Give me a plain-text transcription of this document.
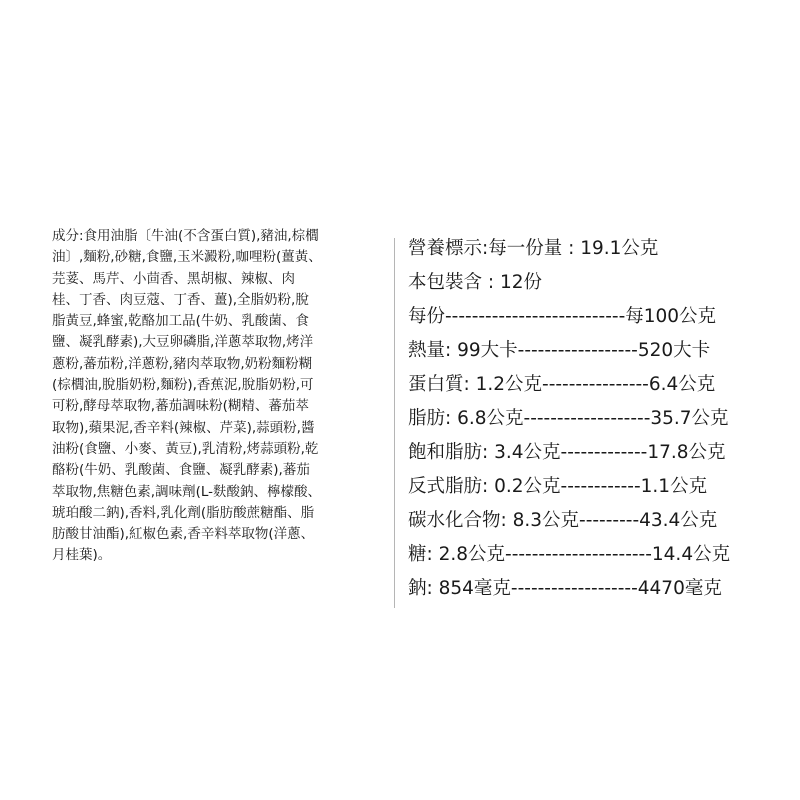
成分:食用油脂〔牛油(不含蛋白質),豬油,棕櫚
油〕,麵粉,砂糖,食鹽,玉米澱粉,咖哩粉(薑黃、
芫荽、馬芹、小茴香、黑胡椒、辣椒、肉
桂、丁香、肉豆蔻、丁香、薑),全脂奶粉,脫
脂黃豆,蜂蜜,乾酪加工品(牛奶、乳酸菌、食
鹽、凝乳酵素),大豆卵磷脂,洋蔥萃取物,烤洋
蔥粉,蕃茄粉,洋蔥粉,豬肉萃取物,奶粉麵粉糊
(棕櫚油,脫脂奶粉,麵粉),香蕉泥,脫脂奶粉,可
可粉,酵母萃取物,蕃茄調味粉(糊精、蕃茄萃
取物),蘋果泥,香辛料(辣椒、芹菜),蒜頭粉,醬
油粉(食鹽、小麥、黃豆),乳清粉,烤蒜頭粉,乾
酪粉(牛奶、乳酸菌、食鹽、凝乳酵素),蕃茄
萃取物,焦糖色素,調味劑(L-麩酸鈉、檸檬酸、
琥珀酸二鈉),香料,乳化劑(脂肪酸蔗糖酯、脂
肪酸甘油酯),紅椒色素,香辛料萃取物(洋蔥、
月桂葉)。
營養標示:每一份量 : 19.1公克
本包裝含 : 12份
每份---------------------------每100公克
熱量: 99大卡------------------520大卡
蛋白質: 1.2公克----------------6.4公克
脂肪: 6.8公克-------------------35.7公克
飽和脂肪: 3.4公克-------------17.8公克
反式脂肪: 0.2公克------------1.1公克
碳水化合物: 8.3公克---------43.4公克
糖: 2.8公克----------------------14.4公克
鈉: 854毫克-------------------4470毫克
